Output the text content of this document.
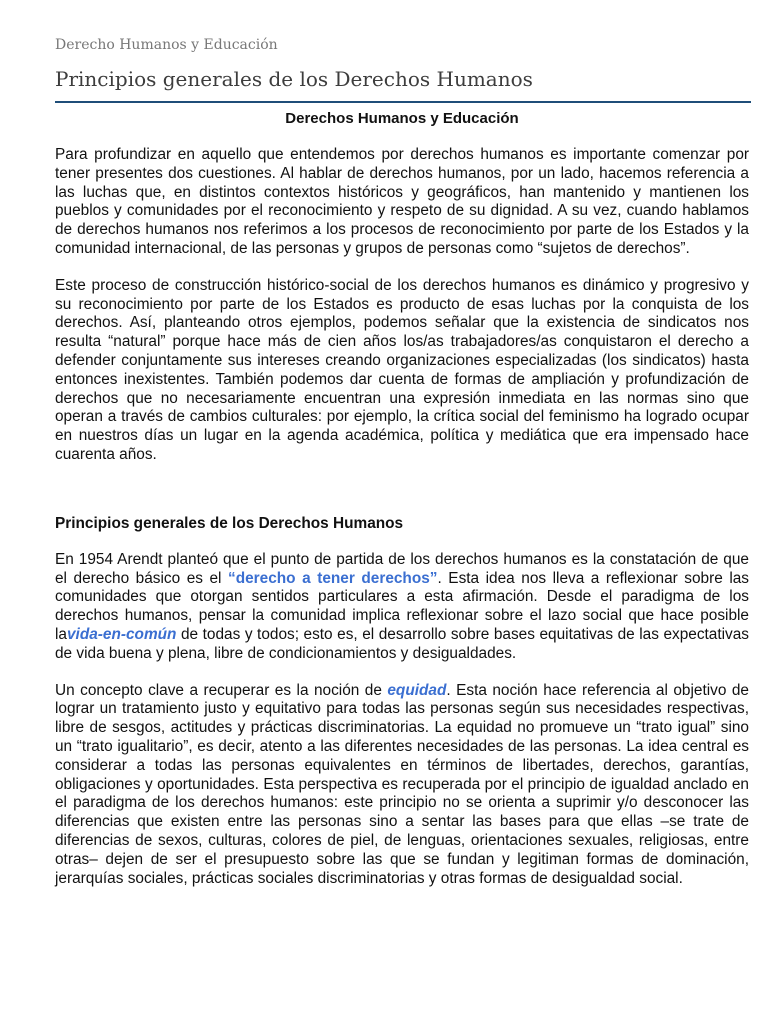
Derecho Humanos y Educación
Principios generales de los Derechos Humanos
Derechos Humanos y Educación

Para profundizar en aquello que entendemos por derechos humanos es importante comenzar por tener presentes dos cuestiones. Al hablar de derechos humanos, por un lado, hacemos referencia a las luchas que, en distintos contextos históricos y geográficos, han mantenido y mantienen los pueblos y comunidades por el reconocimiento y respeto de su dignidad. A su vez, cuando hablamos de derechos humanos nos referimos a los procesos de reconocimiento por parte de los Estados y la comunidad internacional, de las personas y grupos de personas como “sujetos de derechos”.

Este proceso de construcción histórico-social de los derechos humanos es dinámico y progresivo y su reconocimiento por parte de los Estados es producto de esas luchas por la conquista de los derechos. Así, planteando otros ejemplos, podemos señalar que la existencia de sindicatos nos resulta “natural” porque hace más de cien años los/as trabajadores/as conquistaron el derecho a defender conjuntamente sus intereses creando organizaciones especializadas (los sindicatos) hasta entonces inexistentes. También podemos dar cuenta de formas de ampliación y profundización de derechos que no necesariamente encuentran una expresión inmediata en las normas sino que operan a través de cambios culturales: por ejemplo, la crítica social del feminismo ha logrado ocupar en nuestros días un lugar en la agenda académica, política y mediática que era impensado hace cuarenta años.

Principios generales de los Derechos Humanos

En 1954 Arendt planteó que el punto de partida de los derechos humanos es la constatación de que el derecho básico es el “derecho a tener derechos”. Esta idea nos lleva a reflexionar sobre las comunidades que otorgan sentidos particulares a esta afirmación. Desde el paradigma de los derechos humanos, pensar la comunidad implica reflexionar sobre el lazo social que hace posible lavida-en-común de todas y todos; esto es, el desarrollo sobre bases equitativas de las expectativas de vida buena y plena, libre de condicionamientos y desigualdades.

Un concepto clave a recuperar es la noción de equidad. Esta noción hace referencia al objetivo de lograr un tratamiento justo y equitativo para todas las personas según sus necesidades respectivas, libre de sesgos, actitudes y prácticas discriminatorias. La equidad no promueve un “trato igual” sino un “trato igualitario”, es decir, atento a las diferentes necesidades de las personas. La idea central es considerar a todas las personas equivalentes en términos de libertades, derechos, garantías, obligaciones y oportunidades. Esta perspectiva es recuperada por el principio de igualdad anclado en el paradigma de los derechos humanos: este principio no se orienta a suprimir y/o desconocer las diferencias que existen entre las personas sino a sentar las bases para que ellas –se trate de diferencias de sexos, culturas, colores de piel, de lenguas, orientaciones sexuales, religiosas, entre otras– dejen de ser el presupuesto sobre las que se fundan y legitiman formas de dominación, jerarquías sociales, prácticas sociales discriminatorias y otras formas de desigualdad social.
